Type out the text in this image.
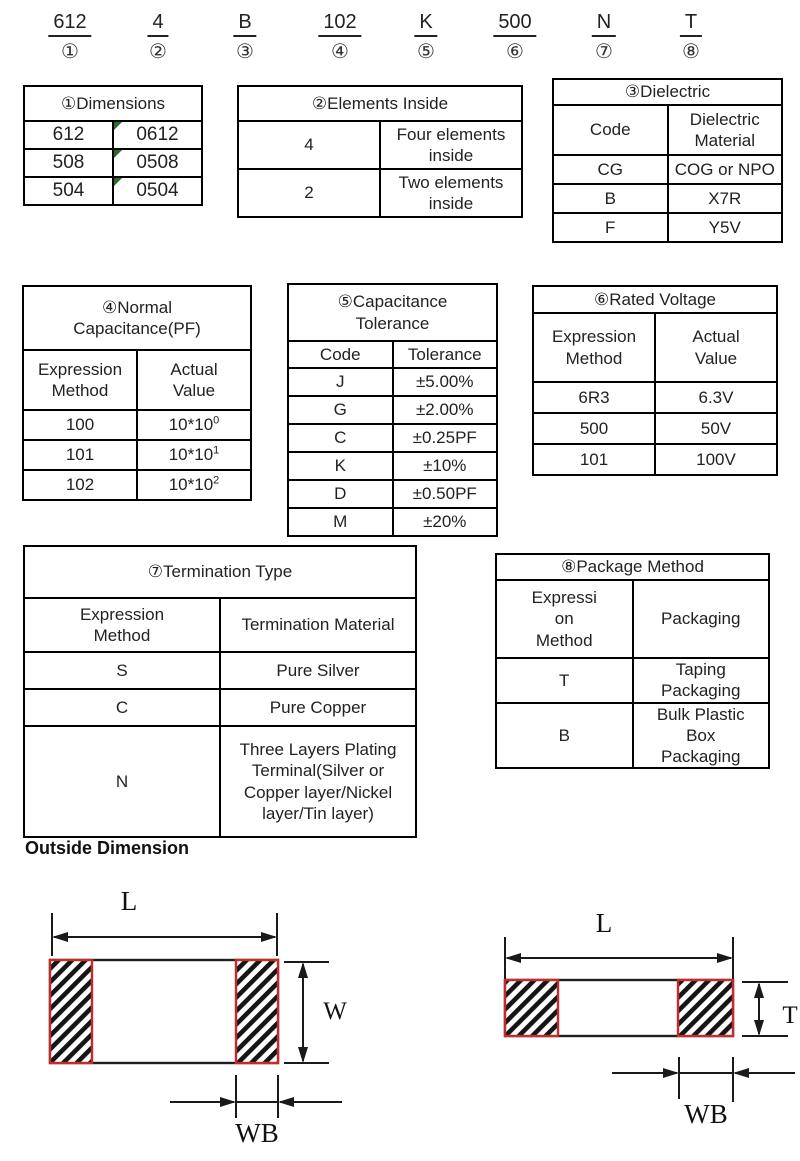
612
①
4
②
B
③
102
④
K
⑤
500
⑥
N
⑦
T
⑧
①Dimensions	
612	0612
508	0508
504	0504
②Elements Inside	
4	Four elements inside
2	Two elements inside
③Dielectric	
Code	Dielectric Material
CG	COG or NPO
B	X7R
F	Y5V
④Normal Capacitance(PF)	
Expression Method	Actual Value
100	$10*10^0$
101	$10*10^1$
102	$10*10^2$
⑤Capacitance Tolerance	
Code	Tolerance
J	±5.00%
G	±2.00%
C	±0.25PF
K	±10%
D	±0.50PF
M	±20%
⑥Rated Voltage	
Expression Method	Actual Value
6R3	6.3V
500	50V
101	100V
⑦Termination Type	
Expression Method	Termination Material
S	Pure Silver
C	Pure Copper
N	Three Layers Plating Terminal(Silver or Copper layer/Nickel layer/Tin layer)
⑧Package Method	

Expressi
on
Method	Packaging
T	Taping Packaging
B	Bulk Plastic Box Packaging
Outside Dimension
L
W
WB
L
T
WB
